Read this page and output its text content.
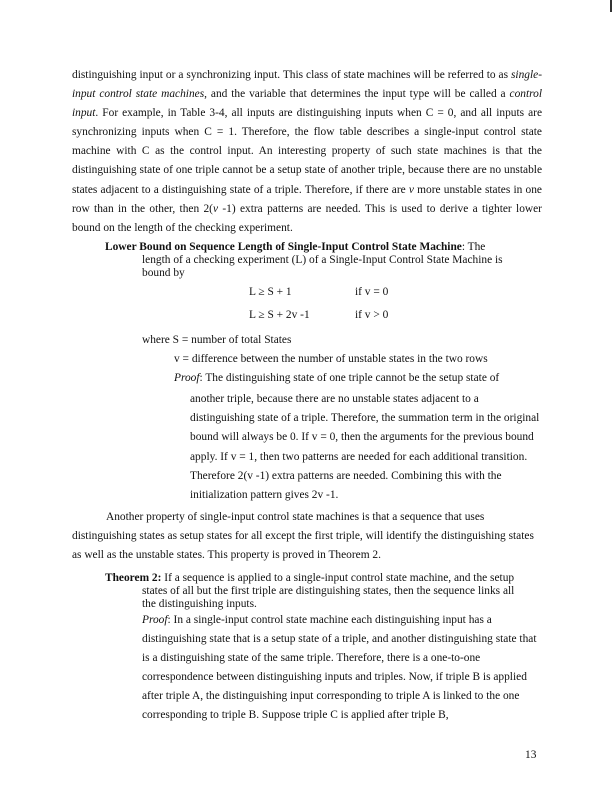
distinguishing input or a synchronizing input. This class of state machines will be referred to as single-input control state machines, and the variable that determines the input type will be called a control input. For example, in Table 3-4, all inputs are distinguishing inputs when C = 0, and all inputs are synchronizing inputs when C = 1. Therefore, the flow table describes a single-input control state machine with C as the control input. An interesting property of such state machines is that the distinguishing state of one triple cannot be a setup state of another triple, because there are no unstable states adjacent to a distinguishing state of a triple. Therefore, if there are v more unstable states in one row than in the other, then 2(v -1) extra patterns are needed. This is used to derive a tighter lower bound on the length of the checking experiment.

Lower Bound on Sequence Length of Single-Input Control State Machine: The

length of a checking experiment (L) of a Single-Input Control State Machine is

bound by

L ≥ S + 1	if v = 0
L ≥ S + 2v -1	if v > 0

where S = number of total States

v = difference between the number of unstable states in the two rows

Proof: The distinguishing state of one triple cannot be the setup state of

another triple, because there are no unstable states adjacent to a distinguishing state of a triple. Therefore, the summation term in the original bound will always be 0. If v = 0, then the arguments for the previous bound apply. If v = 1, then two patterns are needed for each additional transition. Therefore 2(v -1) extra patterns are needed. Combining this with the initialization pattern gives 2v -1.

Another property of single-input control state machines is that a sequence that uses distinguishing states as setup states for all except the first triple, will identify the distinguishing states as well as the unstable states. This property is proved in Theorem 2.

Theorem 2: If a sequence is applied to a single-input control state machine, and the setup

states of all but the first triple are distinguishing states, then the sequence links all

the distinguishing inputs.

Proof: In a single-input control state machine each distinguishing input has a distinguishing state that is a setup state of a triple, and another distinguishing state that is a distinguishing state of the same triple. Therefore, there is a one-to-one correspondence between distinguishing inputs and triples. Now, if triple B is applied after triple A, the distinguishing input corresponding to triple A is linked to the one corresponding to triple B. Suppose triple C is applied after triple B,

13
